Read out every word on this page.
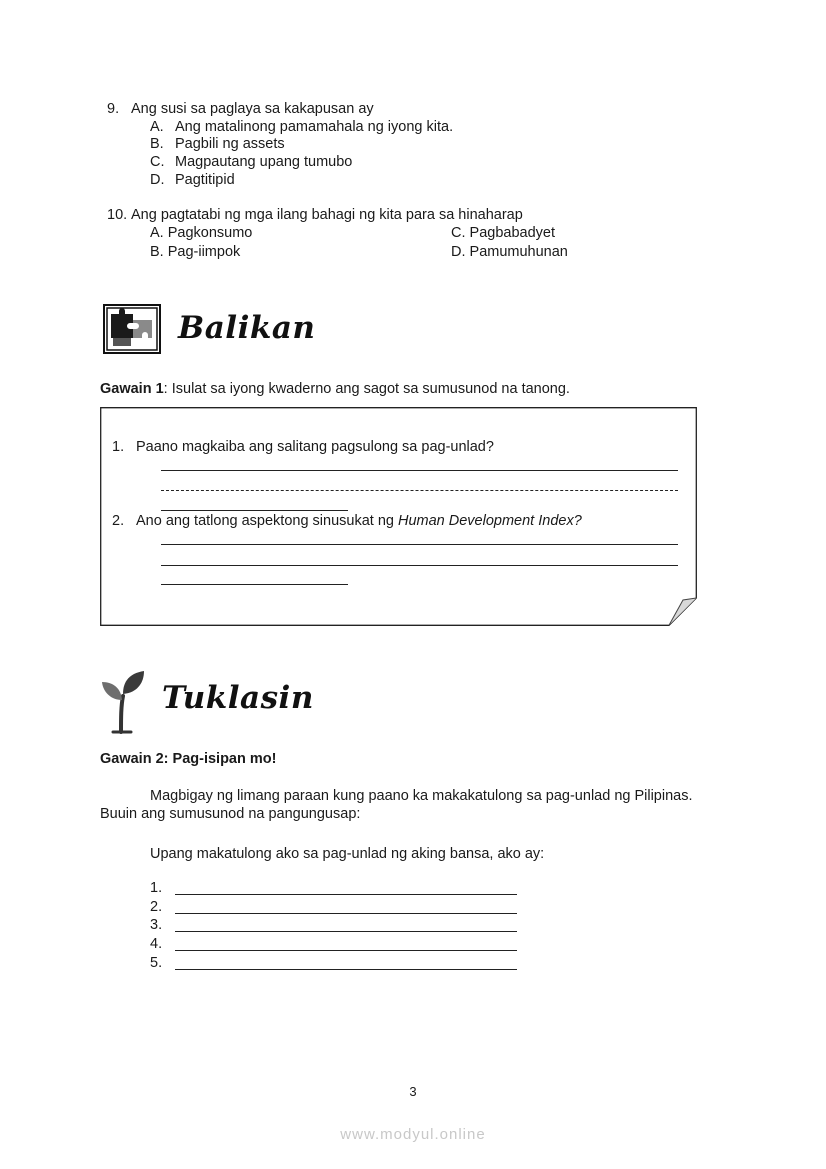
9. Ang susi sa paglaya sa kakapusan ay
A. Ang matalinong pamamahala ng iyong kita.
B. Pagbili ng assets
C. Magpautang upang tumubo
D. Pagtitipid
10. Ang pagtatabi ng mga ilang bahagi ng kita para sa hinaharap
A. Pagkonsumo	C. Pagbabadyet
B. Pag-iimpok	D. Pamumuhunan
Balikan
Gawain 1: Isulat sa iyong kwaderno ang sagot sa sumusunod na tanong.
1. Paano magkaiba ang salitang pagsulong sa pag-unlad?
2. Ano ang tatlong aspektong sinusukat ng Human Development Index?
Tuklasin
Gawain 2: Pag-isipan mo!
Magbigay ng limang paraan kung paano ka makakatulong sa pag-unlad ng Pilipinas.
Buuin ang sumusunod na pangungusap:
Upang makatulong ako sa pag-unlad ng aking bansa, ako ay:
1.
2.
3.
4.
5.
3
www.modyul.online
